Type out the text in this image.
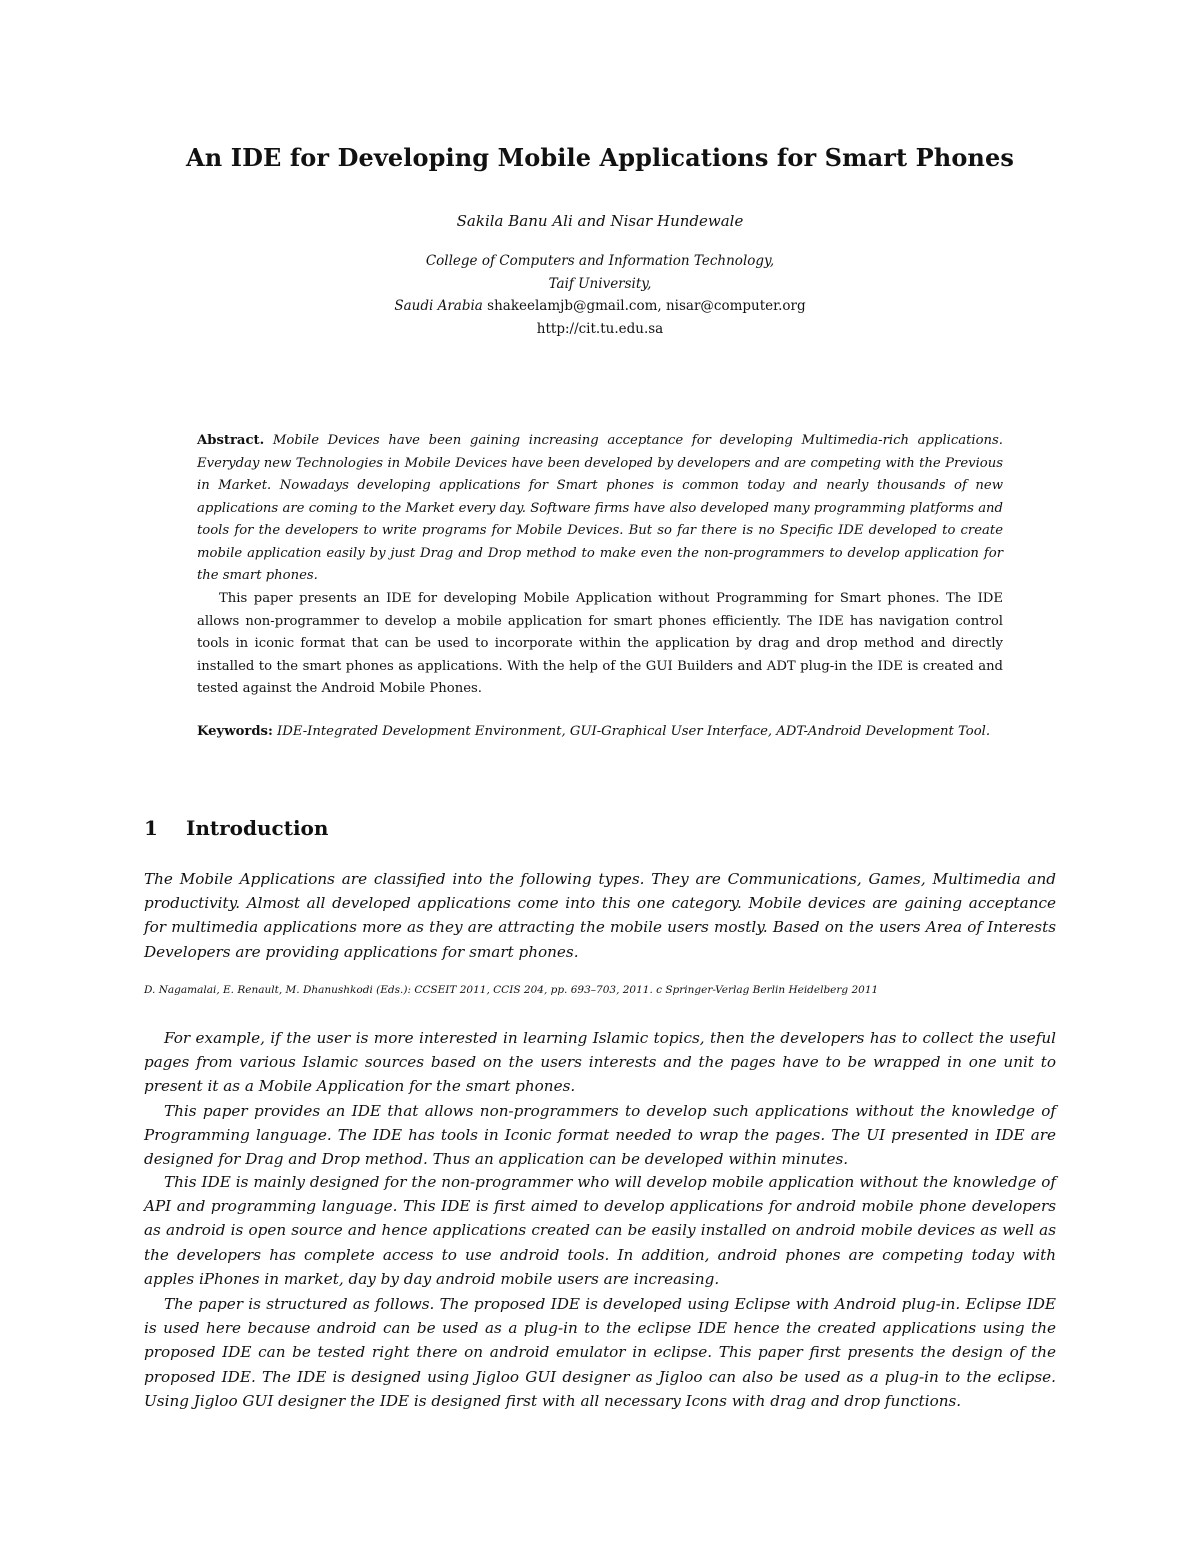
An IDE for Developing Mobile Applications for Smart Phones

Sakila Banu Ali and Nisar Hundewale

College of Computers and Information Technology,
Taif University,
Saudi Arabia shakeelamjb@gmail.com, nisar@computer.org
http://cit.tu.edu.sa

Abstract. Mobile Devices have been gaining increasing acceptance for developing Multimedia-rich applications. Everyday new Technologies in Mobile Devices have been developed by developers and are competing with the Previous in Market. Nowadays developing applications for Smart phones is common today and nearly thousands of new applications are coming to the Market every day. Software firms have also developed many programming platforms and tools for the developers to write programs for Mobile Devices. But so far there is no Specific IDE developed to create mobile application easily by just Drag and Drop method to make even the non-programmers to develop application for the smart phones.

This paper presents an IDE for developing Mobile Application without Programming for Smart phones. The IDE allows non-programmer to develop a mobile application for smart phones efficiently. The IDE has navigation control tools in iconic format that can be used to incorporate within the application by drag and drop method and directly installed to the smart phones as applications. With the help of the GUI Builders and ADT plug-in the IDE is created and tested against the Android Mobile Phones.

Keywords: IDE-Integrated Development Environment, GUI-Graphical User Interface, ADT-Android Development Tool.

1 Introduction

The Mobile Applications are classified into the following types. They are Communications, Games, Multimedia and productivity. Almost all developed applications come into this one category. Mobile devices are gaining acceptance for multimedia applications more as they are attracting the mobile users mostly. Based on the users Area of Interests Developers are providing applications for smart phones.

D. Nagamalai, E. Renault, M. Dhanushkodi (Eds.): CCSEIT 2011, CCIS 204, pp. 693–703, 2011. c Springer-Verlag Berlin Heidelberg 2011

For example, if the user is more interested in learning Islamic topics, then the developers has to collect the useful pages from various Islamic sources based on the users interests and the pages have to be wrapped in one unit to present it as a Mobile Application for the smart phones.

This paper provides an IDE that allows non-programmers to develop such applications without the knowledge of Programming language. The IDE has tools in Iconic format needed to wrap the pages. The UI presented in IDE are designed for Drag and Drop method. Thus an application can be developed within minutes.

This IDE is mainly designed for the non-programmer who will develop mobile application without the knowledge of API and programming language. This IDE is first aimed to develop applications for android mobile phone developers as android is open source and hence applications created can be easily installed on android mobile devices as well as the developers has complete access to use android tools. In addition, android phones are competing today with apples iPhones in market, day by day android mobile users are increasing.

The paper is structured as follows. The proposed IDE is developed using Eclipse with Android plug-in. Eclipse IDE is used here because android can be used as a plug-in to the eclipse IDE hence the created applications using the proposed IDE can be tested right there on android emulator in eclipse. This paper first presents the design of the proposed IDE. The IDE is designed using Jigloo GUI designer as Jigloo can also be used as a plug-in to the eclipse. Using Jigloo GUI designer the IDE is designed first with all necessary Icons with drag and drop functions.
